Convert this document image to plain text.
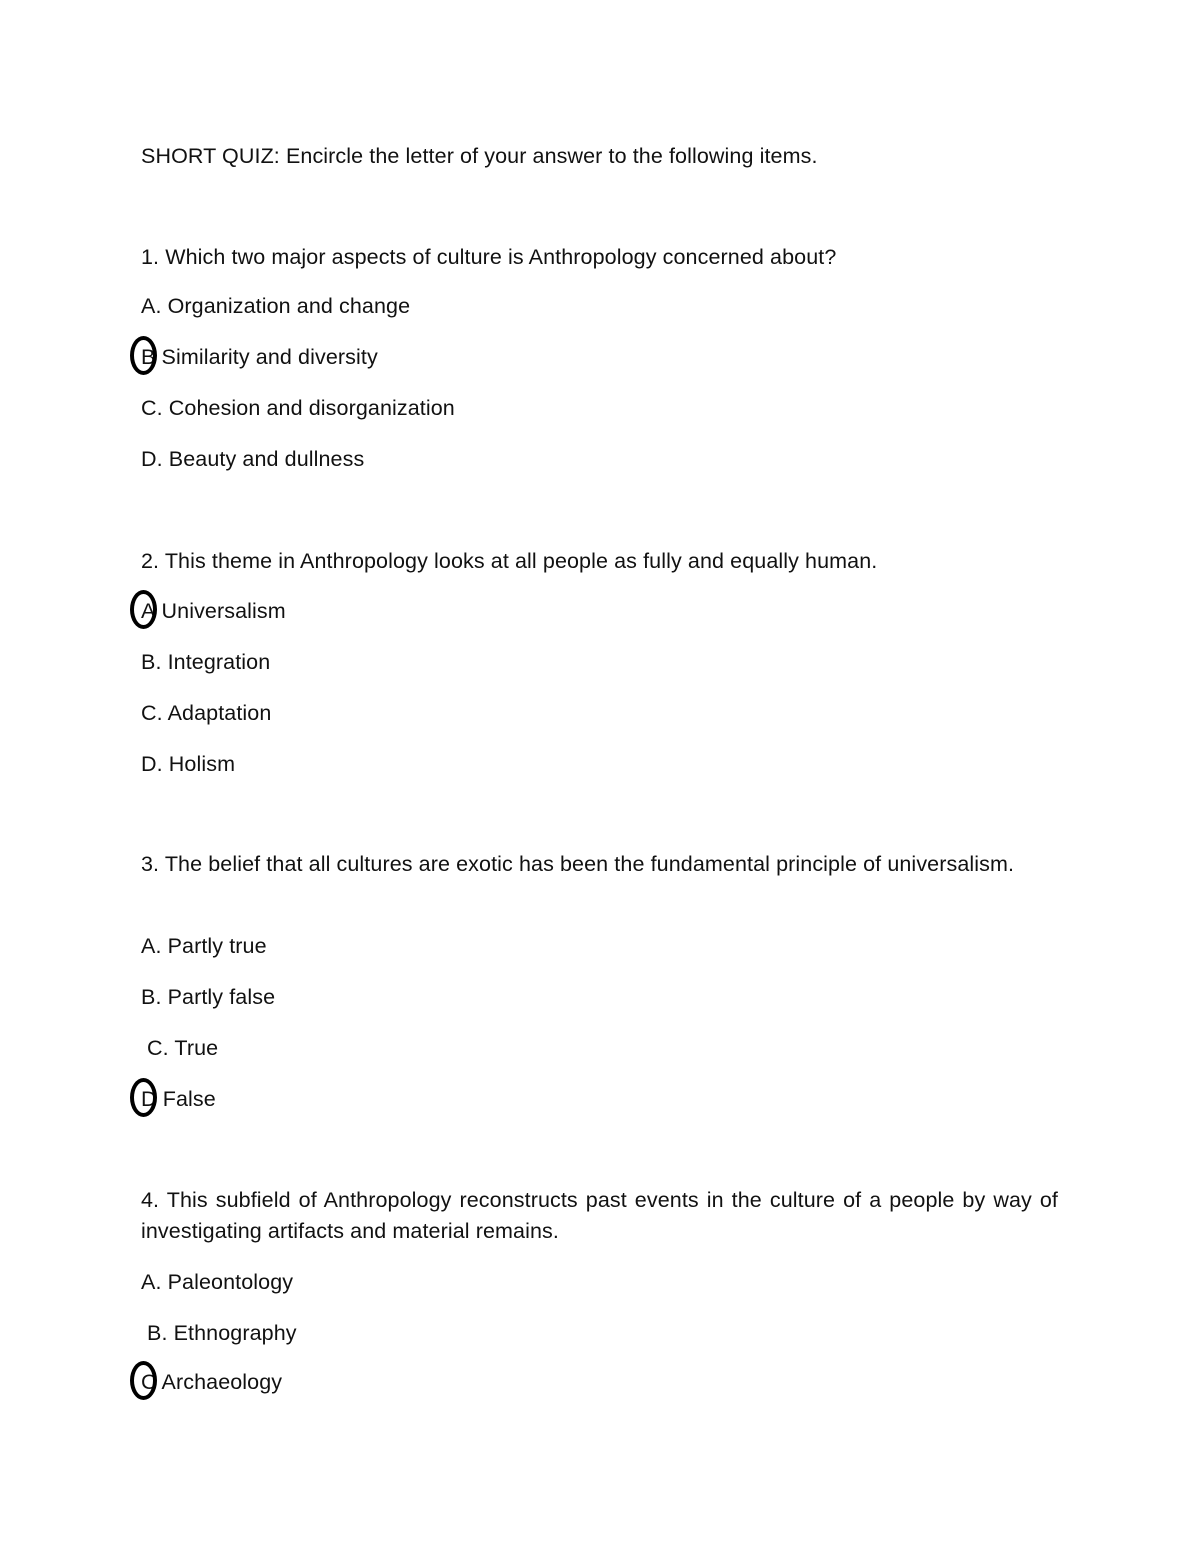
SHORT QUIZ: Encircle the letter of your answer to the following items.
1. Which two major aspects of culture is Anthropology concerned about?
A. Organization and change
B Similarity and diversity
C. Cohesion and disorganization
D. Beauty and dullness
2. This theme in Anthropology looks at all people as fully and equally human.
A Universalism
B. Integration
C. Adaptation
D. Holism
3. The belief that all cultures are exotic has been the fundamental principle of universalism.
A. Partly true
B. Partly false
C. True
D False
4. This subfield of Anthropology reconstructs past events in the culture of a people by way of investigating artifacts and material remains.
A. Paleontology
B. Ethnography
C Archaeology
